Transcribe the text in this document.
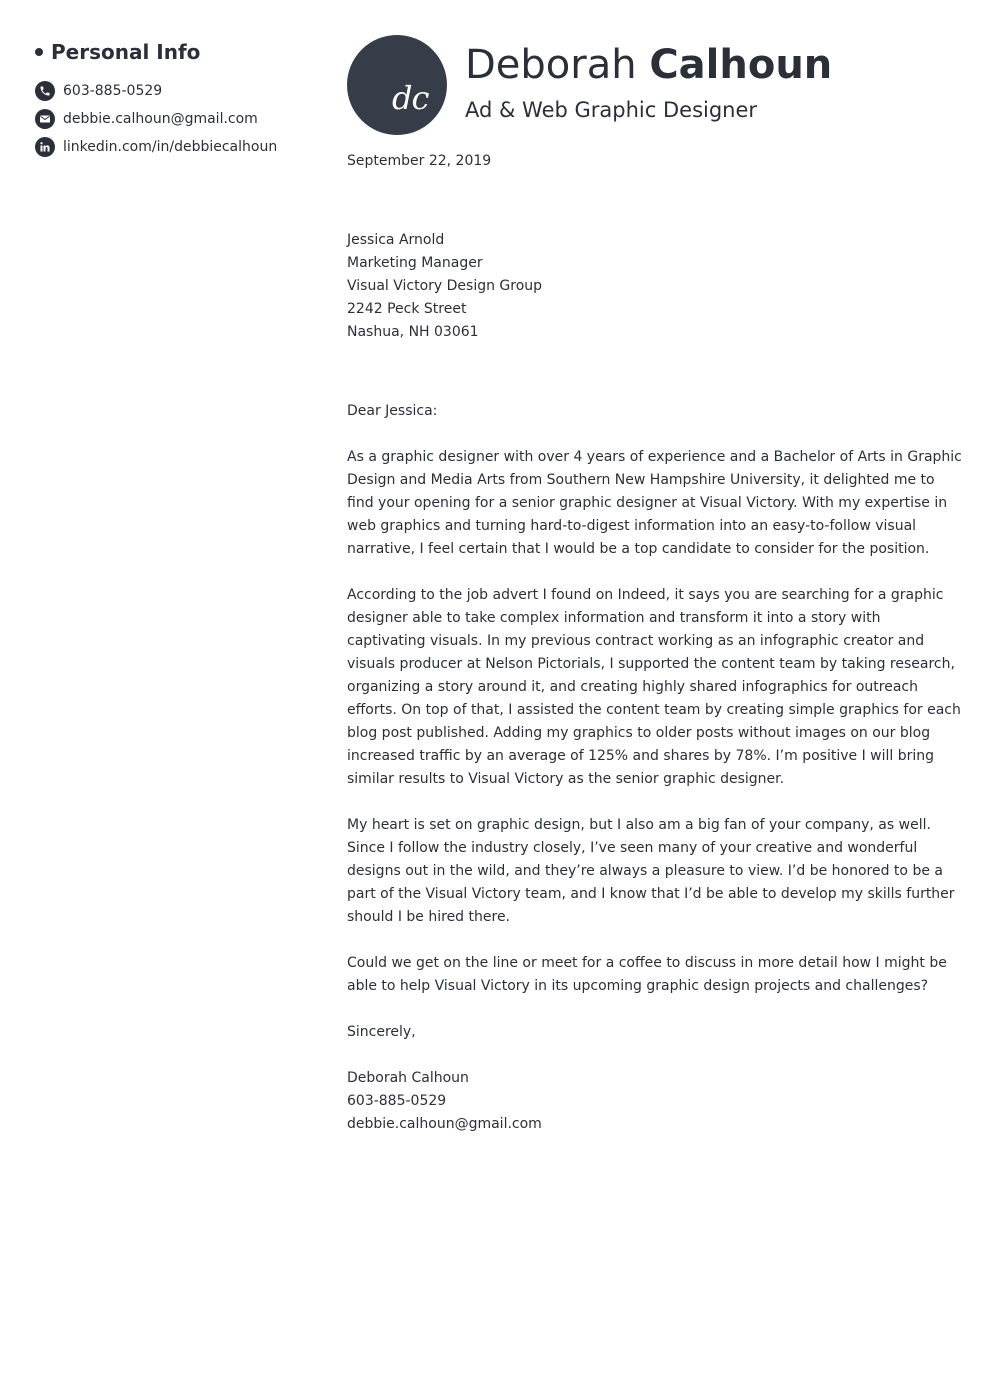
Personal Info
603-885-0529
debbie.calhoun@gmail.com
linkedin.com/in/debbiecalhoun
dc
Deborah Calhoun
Ad & Web Graphic Designer

September 22, 2019

Jessica Arnold
Marketing Manager
Visual Victory Design Group
2242 Peck Street
Nashua, NH 03061

Dear Jessica:

As a graphic designer with over 4 years of experience and a Bachelor of Arts in Graphic Design and Media Arts from Southern New Hampshire University, it delighted me to find your opening for a senior graphic designer at Visual Victory. With my expertise in web graphics and turning hard-to-digest information into an easy-to-follow visual narrative, I feel certain that I would be a top candidate to consider for the position.

According to the job advert I found on Indeed, it says you are searching for a graphic designer able to take complex information and transform it into a story with captivating visuals. In my previous contract working as an infographic creator and visuals producer at Nelson Pictorials, I supported the content team by taking research, organizing a story around it, and creating highly shared infographics for outreach efforts. On top of that, I assisted the content team by creating simple graphics for each blog post published. Adding my graphics to older posts without images on our blog increased traffic by an average of 125% and shares by 78%. I’m positive I will bring similar results to Visual Victory as the senior graphic designer.

My heart is set on graphic design, but I also am a big fan of your company, as well. Since I follow the industry closely, I’ve seen many of your creative and wonderful designs out in the wild, and they’re always a pleasure to view. I’d be honored to be a part of the Visual Victory team, and I know that I’d be able to develop my skills further should I be hired there.

Could we get on the line or meet for a coffee to discuss in more detail how I might be able to help Visual Victory in its upcoming graphic design projects and challenges?

Sincerely,

Deborah Calhoun
603-885-0529
debbie.calhoun@gmail.com
